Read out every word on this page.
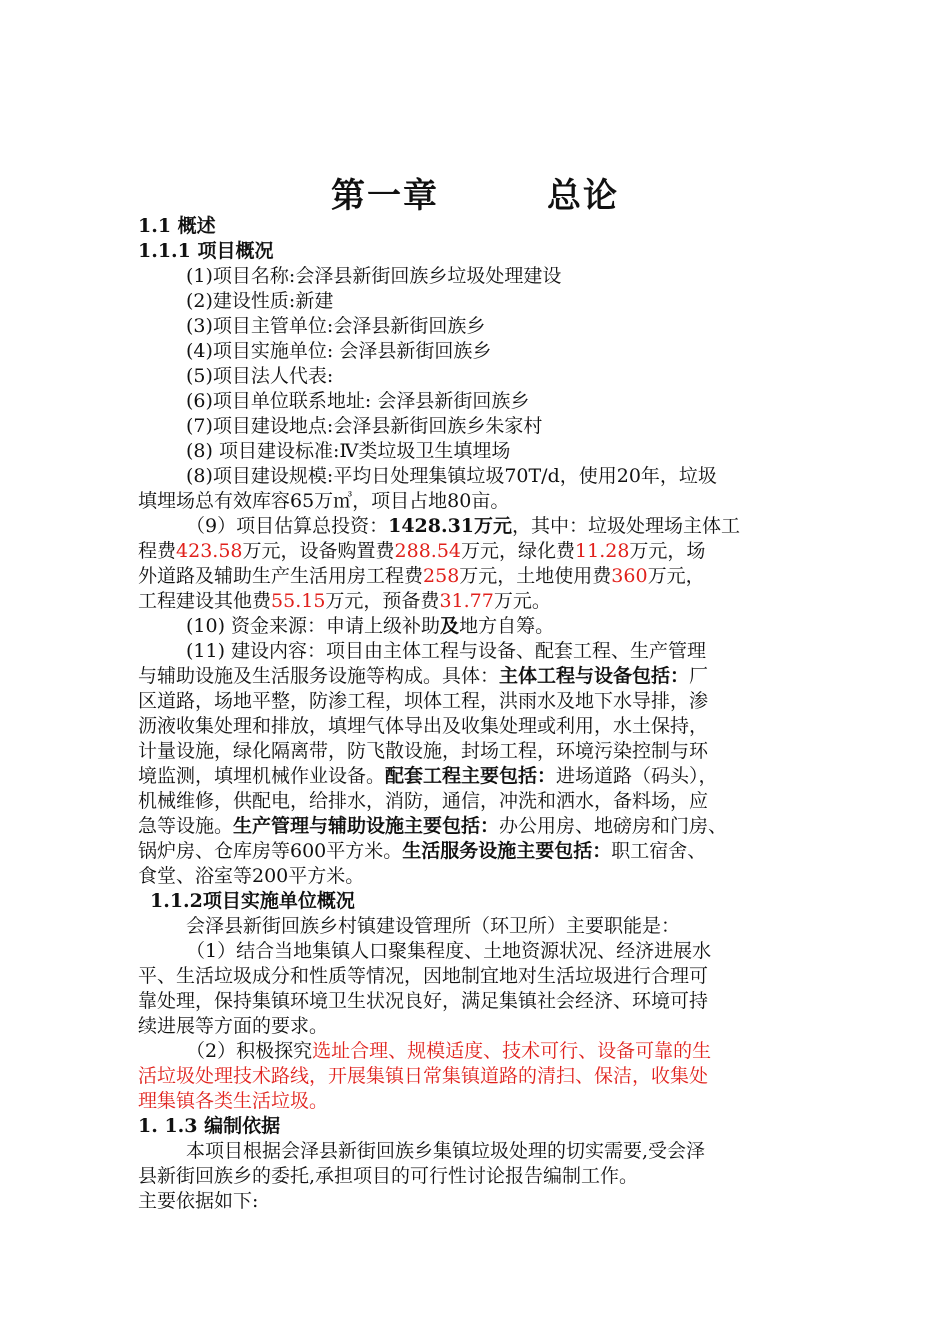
第一章　　　总论
1.1 概述
1.1.1 项目概况
(1)项目名称:会泽县新街回族乡垃圾处理建设
(2)建设性质:新建
(3)项目主管单位:会泽县新街回族乡
(4)项目实施单位: 会泽县新街回族乡
(5)项目法人代表:
(6)项目单位联系地址: 会泽县新街回族乡
(7)项目建设地点:会泽县新街回族乡朱家村
(8) 项目建设标准:Ⅳ类垃圾卫生填埋场
(8)项目建设规模:平均日处理集镇垃圾70T/d，使用20年，垃圾
填埋场总有效库容65万㎥，项目占地80亩。
（9）项目估算总投资：1428.31万元，其中：垃圾处理场主体工
程费423.58万元，设备购置费288.54万元，绿化费11.28万元，场
外道路及辅助生产生活用房工程费258万元，土地使用费360万元，
工程建设其他费55.15万元，预备费31.77万元。
(10) 资金来源：申请上级补助及地方自筹。
(11) 建设内容：项目由主体工程与设备、配套工程、生产管理
与辅助设施及生活服务设施等构成。具体：主体工程与设备包括：厂
区道路，场地平整，防渗工程，坝体工程，洪雨水及地下水导排，渗
沥液收集处理和排放，填埋气体导出及收集处理或利用，水土保持，
计量设施，绿化隔离带，防飞散设施，封场工程，环境污染控制与环
境监测，填埋机械作业设备。配套工程主要包括：进场道路（码头），
机械维修，供配电，给排水，消防，通信，冲洗和洒水，备料场，应
急等设施。生产管理与辅助设施主要包括：办公用房、地磅房和门房、
锅炉房、仓库房等600平方米。生活服务设施主要包括：职工宿舍、
食堂、浴室等200平方米。
1.1.2项目实施单位概况
会泽县新街回族乡村镇建设管理所（环卫所）主要职能是：
（1）结合当地集镇人口聚集程度、土地资源状况、经济进展水
平、生活垃圾成分和性质等情况，因地制宜地对生活垃圾进行合理可
靠处理，保持集镇环境卫生状况良好，满足集镇社会经济、环境可持
续进展等方面的要求。
（2）积极探究选址合理、规模适度、技术可行、设备可靠的生
活垃圾处理技术路线，开展集镇日常集镇道路的清扫、保洁，收集处
理集镇各类生活垃圾。
1. 1.3 编制依据
本项目根据会泽县新街回族乡集镇垃圾处理的切实需要,受会泽
县新街回族乡的委托,承担项目的可行性讨论报告编制工作。
主要依据如下:
